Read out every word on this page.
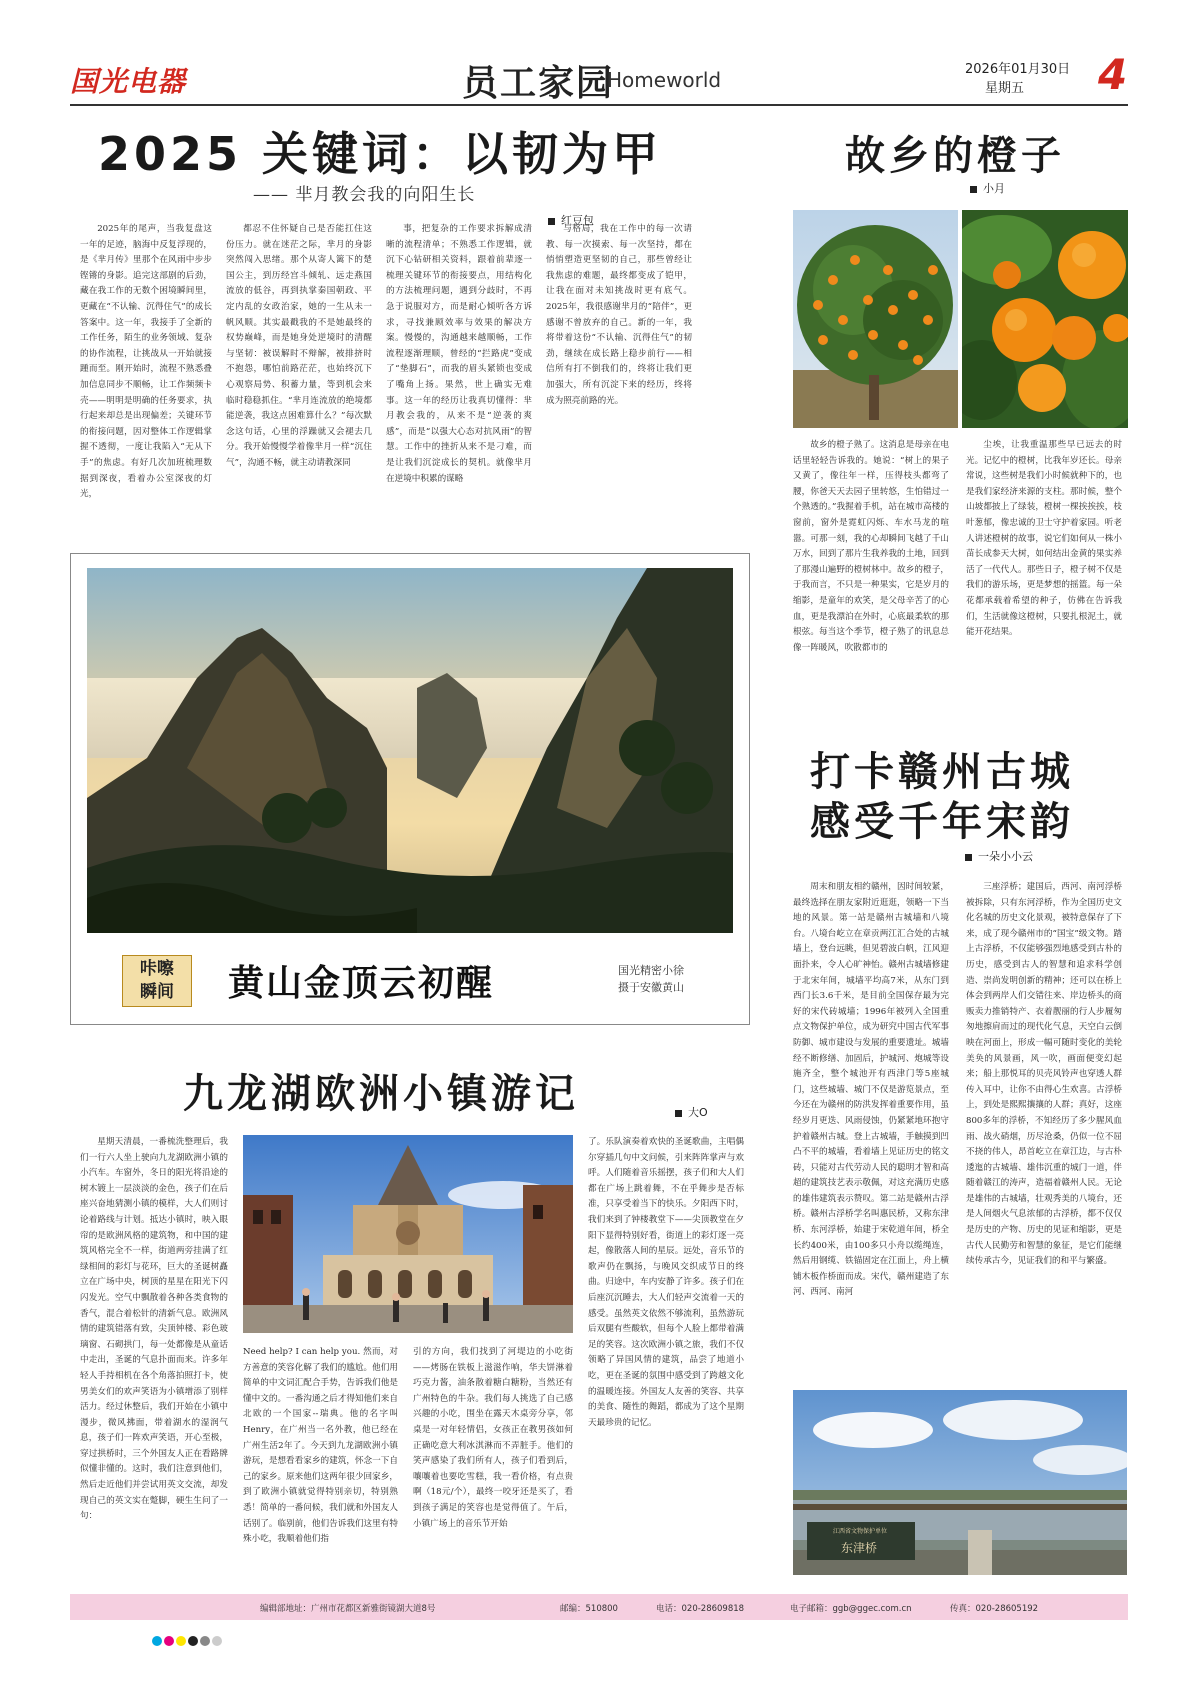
国光电器	员工家园
Homeworld	2026年01月30日
星期五	4
2025 关键词：以韧为甲
—— 芈月教会我的向阳生长
红豆包

2025年的尾声，当我复盘这一年的足迹，脑海中反复浮现的，是《芈月传》里那个在风雨中步步铿锵的身影。追完这部剧的后劲，藏在我工作的无数个困境瞬间里，更藏在“不认输、沉得住气”的成长答案中。这一年，我接手了全新的工作任务，陌生的业务领域、复杂的协作流程，让挑战从一开始就接踵而至。刚开始时，流程不熟悉叠加信息同步不顺畅，让工作频频卡壳——明明是明确的任务要求，执行起来却总是出现偏差；关键环节的衔接问题，因对整体工作逻辑掌握不透彻，一度让我陷入“无从下手”的焦虑。有好几次加班梳理数据到深夜，看着办公室深夜的灯光，

都忍不住怀疑自己是否能扛住这份压力。就在迷茫之际，芈月的身影突然闯入思绪。那个从寄人篱下的楚国公主，到历经宫斗倾轧、远走燕国流放的低谷，再到执掌秦国朝政、平定内乱的女政治家，她的一生从未一帆风顺。其实最戳我的不是她最终的权势巅峰，而是她身处逆境时的清醒与坚韧：被误解时不辩解，被排挤时不抱怨，哪怕前路茫茫，也始终沉下心观察局势、积蓄力量，等到机会来临时稳稳抓住。“芈月连流放的绝境都能逆袭，我这点困难算什么？”每次默念这句话，心里的浮躁就又会褪去几分。我开始慢慢学着像芈月一样“沉住气”，沟通不畅，就主动请教深同

事，把复杂的工作要求拆解成清晰的流程清单；不熟悉工作逻辑，就沉下心钻研相关资料，跟着前辈逐一梳理关键环节的衔接要点，用结构化的方法梳理问题，遇到分歧时，不再急于说服对方，而是耐心倾听各方诉求，寻找兼顾效率与效果的解决方案。慢慢的，沟通越来越顺畅，工作流程逐渐理顺，曾经的“拦路虎”变成了“垫脚石”，而我的眉头紧锁也变成了嘴角上扬。果然，世上确实无难事。这一年的经历让我真切懂得：芈月教会我的，从来不是“逆袭的爽感”，而是“以强大心态对抗风雨”的智慧。工作中的挫折从来不是刁难，而是让我们沉淀成长的契机。就像芈月在逆境中积累的谋略

与格局，我在工作中的每一次请教、每一次摸索、每一次坚持，都在悄悄塑造更坚韧的自己，那些曾经让我焦虑的难题，最终都变成了铠甲，让我在面对未知挑战时更有底气。2025年，我很感谢芈月的“陪伴”，更感谢不曾放弃的自己。新的一年，我将带着这份“不认输、沉得住气”的韧劲，继续在成长路上稳步前行——相信所有打不倒我们的，终将让我们更加强大，所有沉淀下来的经历，终将成为照亮前路的光。

故乡的橙子
小月

故乡的橙子熟了。这消息是母亲在电话里轻轻告诉我的。她说：“树上的果子又黄了，像往年一样，压得枝头都弯了腰，你爸天天去园子里转悠，生怕错过一个熟透的。”我握着手机，站在城市高楼的窗前，窗外是霓虹闪烁、车水马龙的喧嚣。可那一刻，我的心却瞬间飞越了千山万水，回到了那片生我养我的土地，回到了那漫山遍野的橙树林中。故乡的橙子，于我而言，不只是一种果实，它是岁月的缩影，是童年的欢笑，是父母辛苦了的心血，更是我漂泊在外时，心底最柔软的那根弦。每当这个季节，橙子熟了的讯息总像一阵暖风，吹散都市的

尘埃，让我重温那些早已远去的时光。记忆中的橙树，比我年岁还长。母亲常说，这些树是我们小时候就种下的，也是我们家经济来源的支柱。那时候，整个山坡都披上了绿装，橙树一棵挨挨挨，枝叶葱郁，像忠诚的卫士守护着家园。听老人讲述橙树的故事，说它们如何从一株小苗长成参天大树，如何结出金黄的果实养活了一代代人。那些日子，橙子树不仅是我们的游乐场，更是梦想的摇篮。每一朵花都承载着希望的种子，仿佛在告诉我们，生活就像这橙树，只要扎根泥土，就能开花结果。

咔嚓瞬间 黄山金顶云初醒	国光精密小徐
摄于安徽黄山
打卡赣州古城
感受千年宋韵
一朵小小云

周末和朋友相约赣州，因时间较紧，最终选择在朋友家附近逛逛，领略一下当地的风景。第一站是赣州古城墙和八境台。八境台屹立在章贡两江汇合处的古城墙上，登台远眺，但见碧波白帆，江风迎面扑来，令人心旷神怡。赣州古城墙修建于北宋年间，城墙平均高7米，从东门到西门长3.6千米，是目前全国保存最为完好的宋代砖城墙；1996年被列入全国重点文物保护单位，成为研究中国古代军事防御、城市建设与发展的重要遗址。城墙经不断修缮、加固后，护城河、炮城等设施齐全，整个城池开有西津门等5座城门，这些城墙、城门不仅是游览景点，至今还在为赣州的防洪发挥着重要作用，虽经岁月更迭、风雨侵蚀，仍紧紧地环抱守护着赣州古城。登上古城墙，手触摸到凹凸不平的城墙，看着墙上见证历史的铭文砖，只能对古代劳动人民的聪明才智和高超的建筑技艺表示敬佩，对这充满历史感的雄伟建筑表示赞叹。第二站是赣州古浮桥。赣州古浮桥学名叫惠民桥，又称东津桥、东河浮桥，始建于宋乾道年间，桥全长约400米，由100多只小舟以缆绳连，然后用钢缆、铁锚固定在江面上，舟上横铺木板作桥面而成。宋代，赣州建造了东河、西河、南河

三座浮桥；建国后，西河、南河浮桥被拆除，只有东河浮桥，作为全国历史文化名城的历史文化景观，被特意保存了下来，成了现今赣州市的“国宝”级文物。踏上古浮桥，不仅能够强烈地感受到古朴的历史，感受到古人的智慧和追求科学创造、崇尚发明创新的精神；还可以在桥上体会到两岸人们交错往来、岸边桥头的商贩卖力推销特产、衣着靓丽的行人步履匆匆地擦肩而过的现代化气息，天空白云倒映在河面上，形成一幅可随时变化的美轮美奂的风景画，风一吹，画面便变幻起来；船上那悦耳的贝壳风铃声也穿透人群传入耳中，让你不由得心生欢喜。古浮桥上，到处是熙熙攘攘的人群；真好，这座800多年的浮桥，不知经历了多少腥风血雨、战火硝烟，历尽沧桑，仍似一位不屈不挠的伟人，昂首屹立在章江边，与古朴逶迤的古城墙、雄伟沉重的城门一道，伴随着赣江的涛声，造福着赣州人民。无论是雄伟的古城墙，壮观秀美的八境台，还是人间烟火气息浓郁的古浮桥，都不仅仅是历史的产物、历史的见证和缩影，更是古代人民勤劳和智慧的象征，是它们能继续传承古今，见证我们的和平与繁盛。

江西省文物保护单位
东津桥
九龙湖欧洲小镇游记	大O

星期天清晨，一番梳洗整理后，我们一行六人坐上驶向九龙湖欧洲小镇的小汽车。车窗外，冬日的阳光将沿途的树木镀上一层淡淡的金色，孩子们在后座兴奋地猜测小镇的模样，大人们则讨论着路线与计划。抵达小镇时，映入眼帘的是欧洲风格的建筑物，和中国的建筑风格完全不一样，街道两旁挂满了红绿相间的彩灯与花环，巨大的圣诞树矗立在广场中央，树顶的星星在阳光下闪闪发光。空气中飘散着各种各类食物的香气，混合着松针的清新气息。欧洲风情的建筑错落有致，尖顶钟楼、彩色玻璃窗、石砌拱门，每一处都像是从童话中走出，圣诞的气息扑面而来。许多年轻人手持相机在各个角落拍照打卡，使男美女们的欢声笑语为小镇增添了别样活力。经过休整后，我们开始在小镇中漫步，微风拂面，带着湖水的湿润气息，孩子们一阵欢声笑语，开心至极，穿过拱桥时，三个外国友人正在看路牌似懂非懂的。这时，我们注意到他们，然后走近他们并尝试用英文交流，却发现自己的英文实在蹩脚，硬生生问了一句：

Need help? I can help you. 然而，对方善意的笑容化解了我们的尴尬。他们用简单的中文词汇配合手势，告诉我们他是懂中文的。一番沟通之后才得知他们来自北欧的一个国家--瑞典。他的名字叫Henry，在广州当一名外教，他已经在广州生活2年了。今天到九龙湖欧洲小镇游玩，是想看看家乡的建筑，怀念一下自己的家乡。原来他们这两年很少回家乡，到了欧洲小镇就觉得特别亲切，特别熟悉！简单的一番问候，我们就和外国友人话别了。临别前，他们告诉我们这里有特殊小吃，我顺着他们指

引的方向，我们找到了河堤边的小吃街——烤肠在铁板上滋滋作响，华夫饼淋着巧克力酱，油条散着糖白糖粉，当然还有广州特色的牛杂。我们每人挑选了自己感兴趣的小吃，围坐在露天木桌旁分享，邻桌是一对年轻情侣，女孩正在教男孩如何正确吃意大利冰淇淋而不弄脏手。他们的笑声感染了我们所有人，孩子们看到后，嚷嚷着也要吃雪糕，我一看价格，有点贵啊（18元/个），最终一咬牙还是买了，看到孩子满足的笑容也是觉得值了。午后，小镇广场上的音乐节开始

了。乐队演奏着欢快的圣诞歌曲，主唱偶尔穿插几句中文问候，引来阵阵掌声与欢呼。人们随着音乐摇摆，孩子们和大人们都在广场上跳着舞，不在乎舞步是否标准，只享受着当下的快乐。夕阳西下时，我们来到了钟楼教堂下——尖顶教堂在夕阳下显得特别好看，街道上的彩灯逐一亮起，像散落人间的星辰。远处，音乐节的歌声仍在飘扬，与晚风交织成节日的终曲。归途中，车内安静了许多。孩子们在后座沉沉睡去，大人们轻声交流着一天的感受。虽然英文依然不够流利，虽然游玩后双腿有些酸软，但每个人脸上都带着满足的笑容。这次欧洲小镇之旅，我们不仅领略了异国风情的建筑，品尝了地道小吃，更在圣诞的氛围中感受到了跨越文化的温暖连接。外国友人友善的笑容、共享的美食、随性的舞蹈，都成为了这个星期天最珍贵的记忆。

编辑部地址：广州市花都区新雅街镜湖大道8号	邮编：510800	电话：020-28609818	电子邮箱：ggb@ggec.com.cn	传真：020-28605192
